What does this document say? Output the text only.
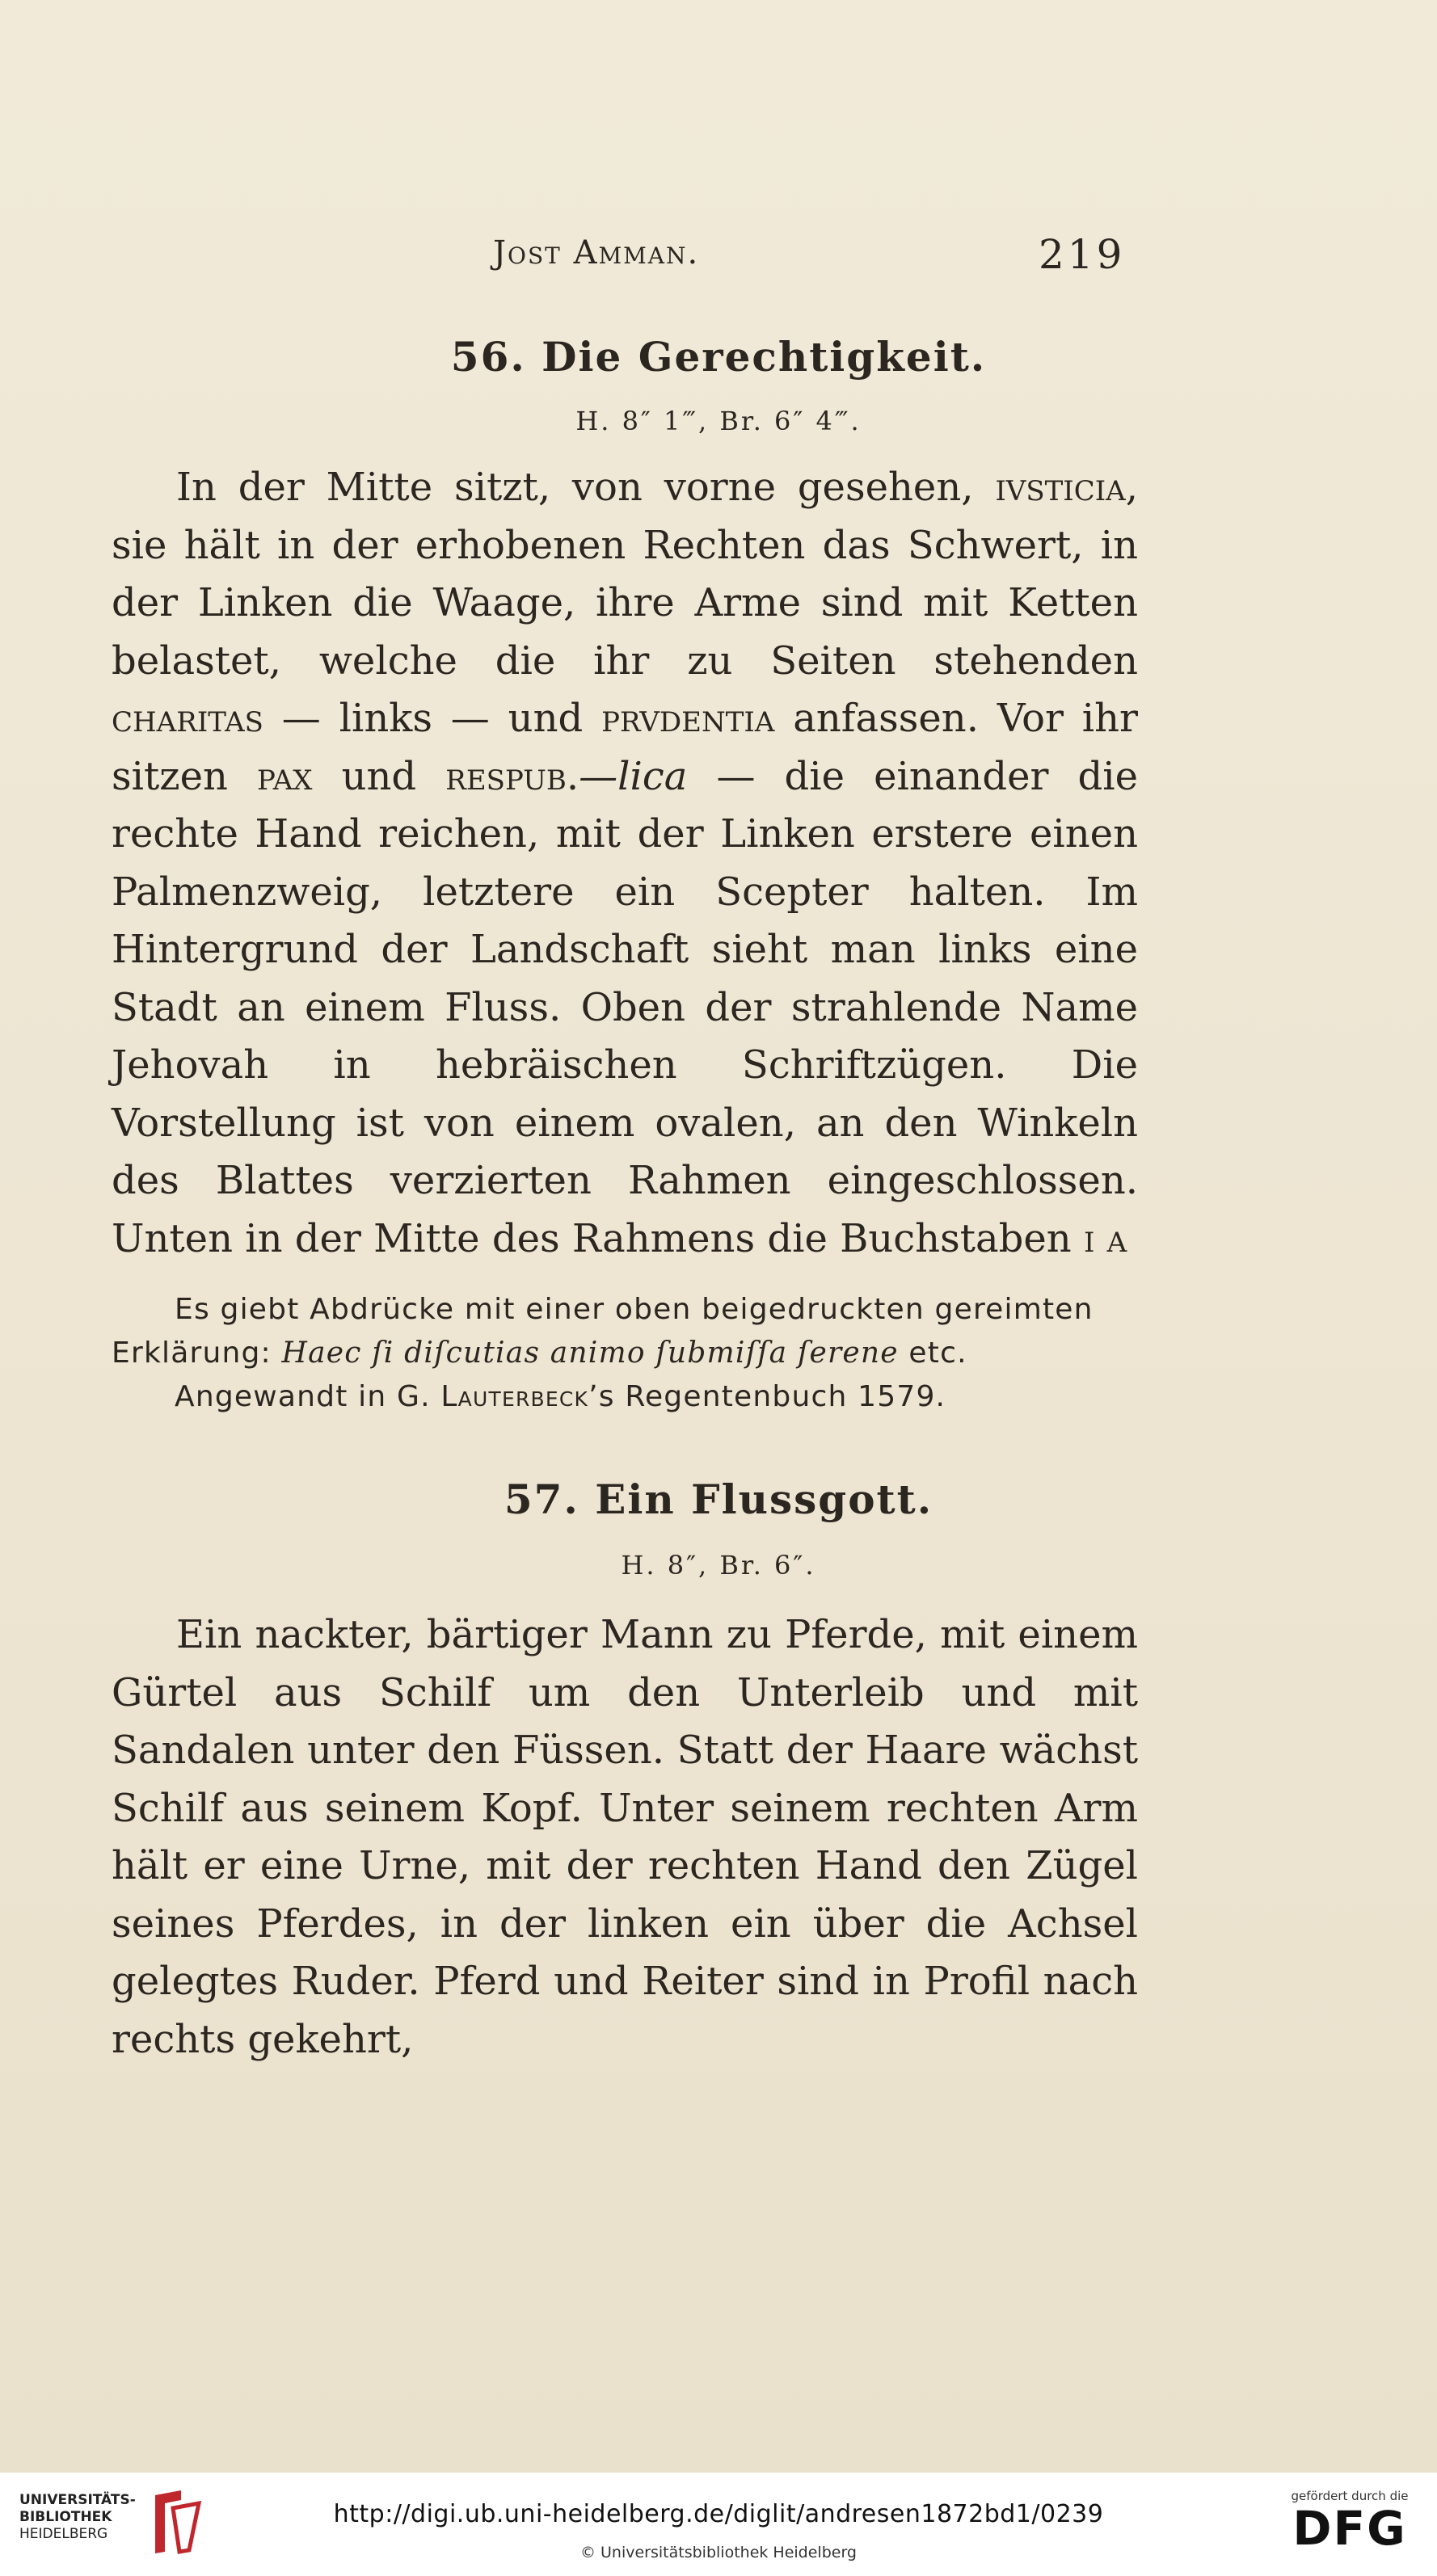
Jost Amman.	219
56. Die Gerechtigkeit.
H. 8″ 1‴, Br. 6″ 4‴.

In der Mitte sitzt, von vorne gesehen, ivsticia, sie hält in der erhobenen Rechten das Schwert, in der Linken die Waage, ihre Arme sind mit Ketten belastet, welche die ihr zu Seiten stehenden charitas — links — und prvdentia anfassen. Vor ihr sitzen pax und respub.—lica — die einander die rechte Hand reichen, mit der Linken erstere einen Palmenzweig, letztere ein Scepter halten. Im Hintergrund der Landschaft sieht man links eine Stadt an einem Fluss. Oben der strahlende Name Jehovah in hebräischen Schriftzügen. Die Vorstellung ist von einem ovalen, an den Winkeln des Blattes verzierten Rahmen eingeschlossen. Unten in der Mitte des Rahmens die Buchstaben i a

Es giebt Abdrücke mit einer oben beigedruckten gereimten Erklärung: Haec ſi diſcutias animo ſubmiſſa ſerene etc.

Angewandt in G. Lauterbeck’s Regentenbuch 1579.

57. Ein Flussgott.
H. 8″, Br. 6″.

Ein nackter, bärtiger Mann zu Pferde, mit einem Gürtel aus Schilf um den Unterleib und mit Sandalen unter den Füssen. Statt der Haare wächst Schilf aus seinem Kopf. Unter seinem rechten Arm hält er eine Urne, mit der rechten Hand den Zügel seines Pferdes, in der linken ein über die Achsel gelegtes Ruder. Pferd und Reiter sind in Profil nach rechts gekehrt,

UNIVERSITÄTS-
BIBLIOTHEK
HEIDELBERG
http://digi.ub.uni-heidelberg.de/diglit/andresen1872bd1/0239
© Universitätsbibliothek Heidelberg
gefördert durch die
DFG
